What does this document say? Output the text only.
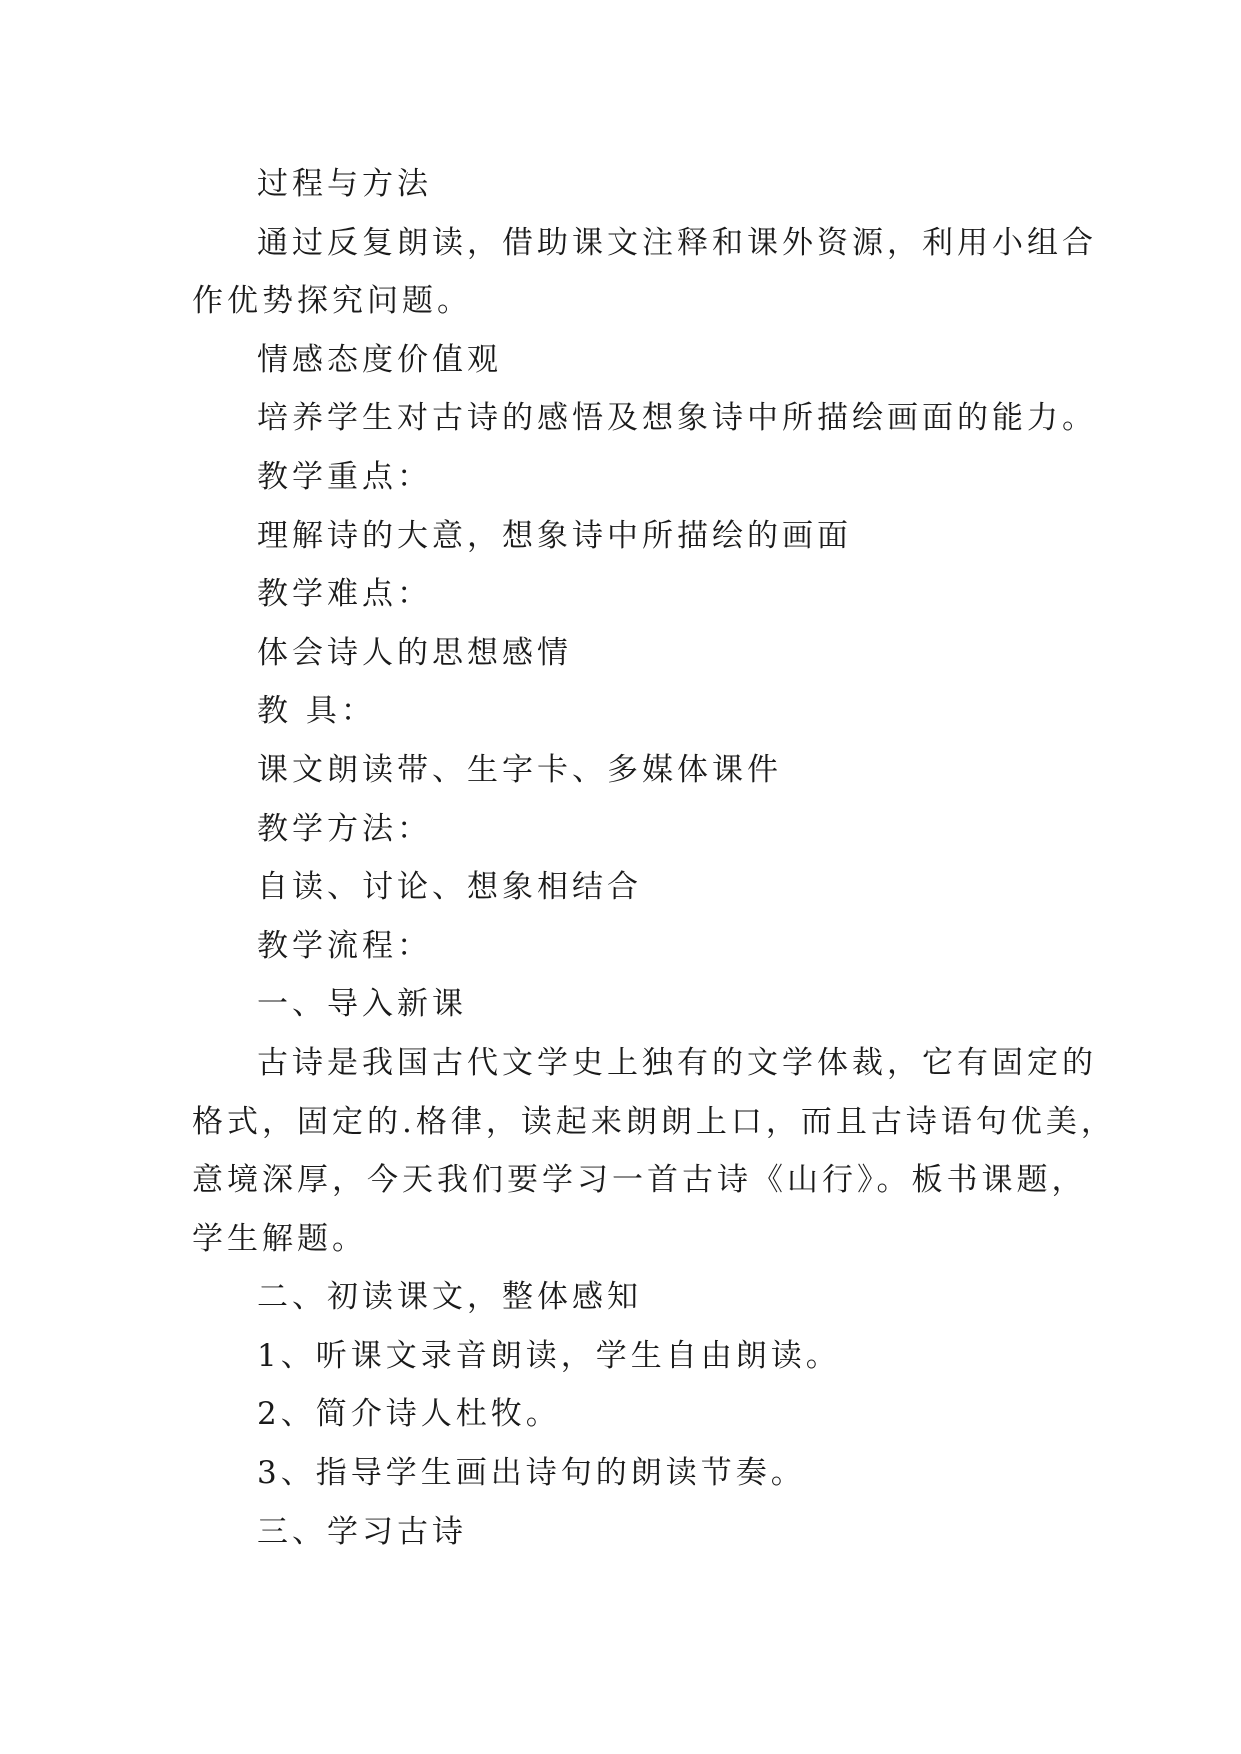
过程与方法
通过反复朗读，借助课文注释和课外资源，利用小组合
作优势探究问题。
情感态度价值观
培养学生对古诗的感悟及想象诗中所描绘画面的能力。
教学重点：
理解诗的大意，想象诗中所描绘的画面
教学难点：
体会诗人的思想感情
教 具：
课文朗读带、生字卡、多媒体课件
教学方法：
自读、讨论、想象相结合
教学流程：
一、导入新课
古诗是我国古代文学史上独有的文学体裁，它有固定的
格式，固定的.格律，读起来朗朗上口，而且古诗语句优美，
意境深厚，今天我们要学习一首古诗《山行》。板书课题，
学生解题。
二、初读课文，整体感知
1、听课文录音朗读，学生自由朗读。
2、简介诗人杜牧。
3、指导学生画出诗句的朗读节奏。
三、学习古诗
